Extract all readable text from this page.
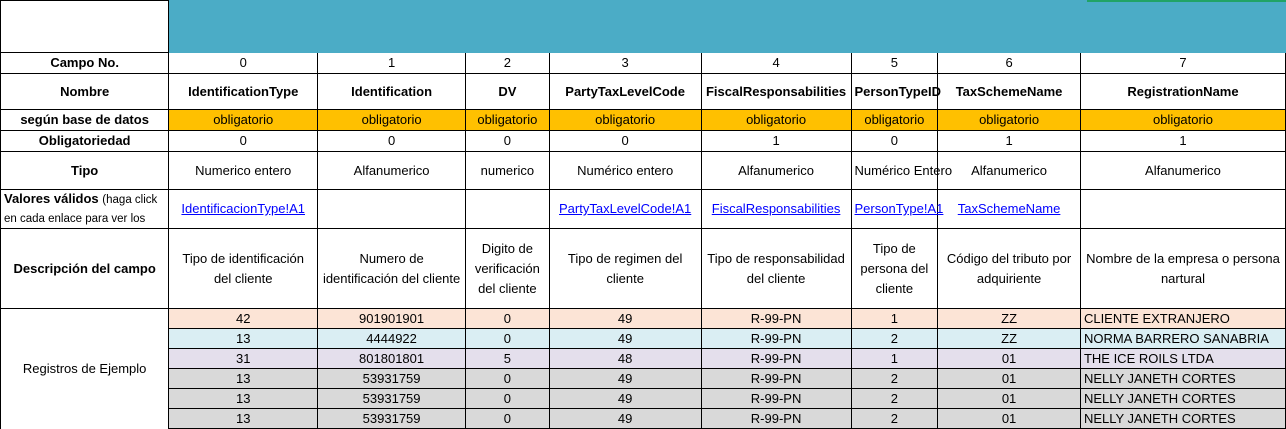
Campo No.	0	1	2	3	4	5	6	7
Nombre	IdentificationType	Identification	DV	PartyTaxLevelCode	FiscalResponsabilities	PersonTypeID	TaxSchemeName	RegistrationName
según base de datos	obligatorio	obligatorio	obligatorio	obligatorio	obligatorio	obligatorio	obligatorio	obligatorio
Obligatoriedad	0	0	0	0	1	0	1	1
Tipo	Numerico entero	Alfanumerico	numerico	Numérico entero	Alfanumerico	Numérico Entero	Alfanumerico	Alfanumerico
Valores válidos (haga click
en cada enlace para ver los	IdentificacionType!A1			PartyTaxLevelCode!A1	FiscalResponsabilities	PersonType!A1	TaxSchemeName	
Descripción del campo	Tipo de identificación del cliente	Numero de identificación del cliente	Digito de verificación del cliente	Tipo de regimen del cliente	Tipo de responsabilidad del cliente	Tipo de persona del cliente	Código del tributo por adquiriente	Nombre de la empresa o persona nartural
Registros de Ejemplo	42	901901901	0	49	R-99-PN	1	ZZ	CLIENTE EXTRANJERO
	13	4444922	0	49	R-99-PN	2	ZZ	NORMA BARRERO SANABRIA
	31	801801801	5	48	R-99-PN	1	01	THE ICE ROILS LTDA
	13	53931759	0	49	R-99-PN	2	01	NELLY JANETH CORTES
	13	53931759	0	49	R-99-PN	2	01	NELLY JANETH CORTES
	13	53931759	0	49	R-99-PN	2	01	NELLY JANETH CORTES
